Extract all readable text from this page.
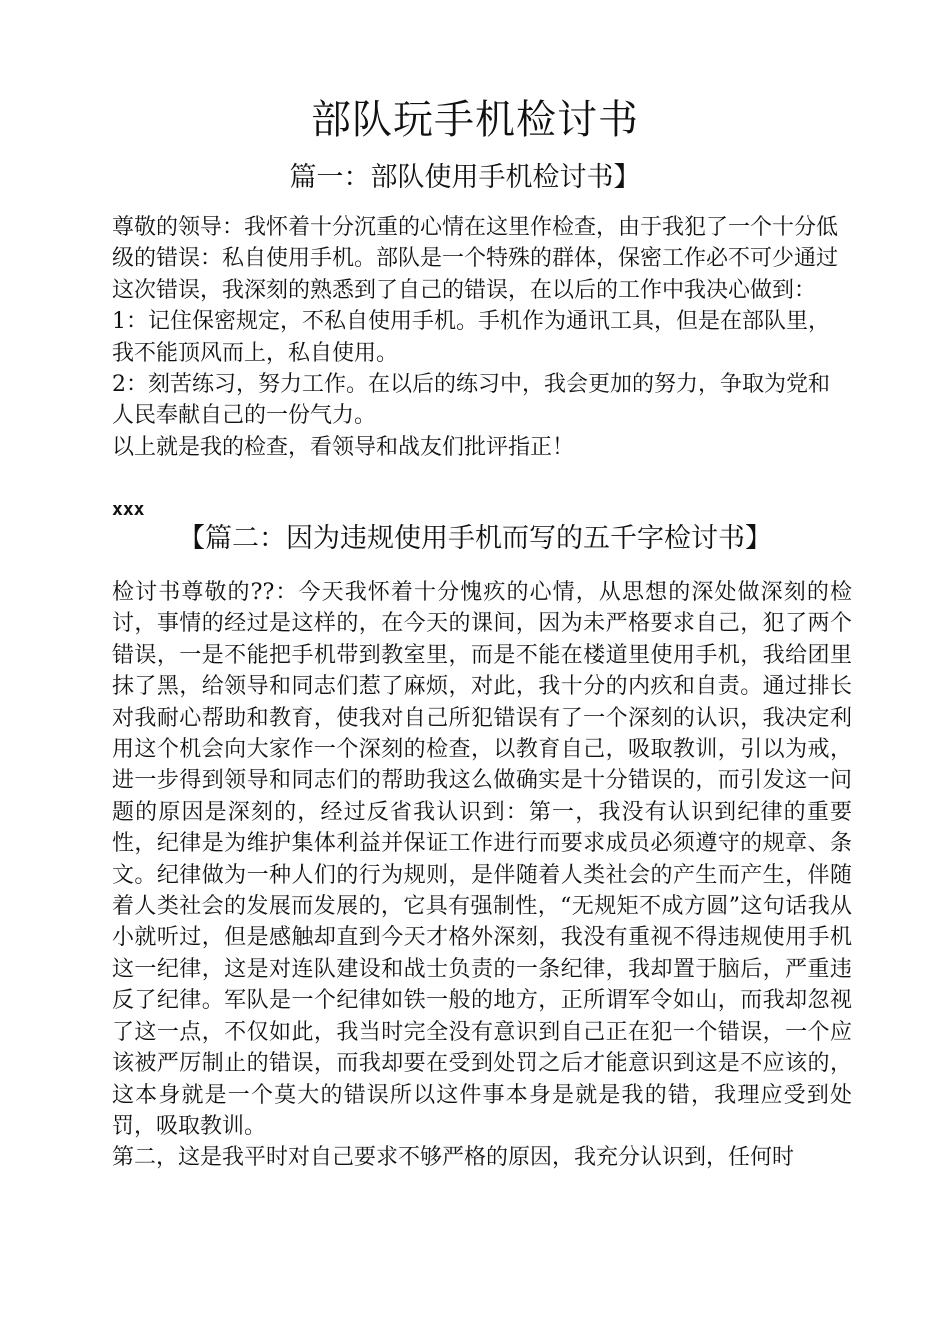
部队玩手机检讨书
篇一：部队使用手机检讨书】

尊敬的领导：我怀着十分沉重的心情在这里作检查，由于我犯了一个十分低级的错误：私自使用手机。部队是一个特殊的群体，保密工作必不可少通过这次错误，我深刻的熟悉到了自己的错误，在以后的工作中我决心做到：

1：记住保密规定，不私自使用手机。手机作为通讯工具，但是在部队里，我不能顶风而上，私自使用。

2：刻苦练习，努力工作。在以后的练习中，我会更加的努力，争取为党和人民奉献自己的一份气力。

以上就是我的检查，看领导和战友们批评指正！

xxx
【篇二：因为违规使用手机而写的五千字检讨书】

检讨书尊敬的??：今天我怀着十分愧疚的心情，从思想的深处做深刻的检讨，事情的经过是这样的，在今天的课间，因为未严格要求自己，犯了两个错误，一是不能把手机带到教室里，而是不能在楼道里使用手机，我给团里抹了黑，给领导和同志们惹了麻烦，对此，我十分的内疚和自责。通过排长对我耐心帮助和教育，使我对自己所犯错误有了一个深刻的认识，我决定利用这个机会向大家作一个深刻的检查，以教育自己，吸取教训，引以为戒，进一步得到领导和同志们的帮助我这么做确实是十分错误的，而引发这一问题的原因是深刻的，经过反省我认识到：第一，我没有认识到纪律的重要性，纪律是为维护集体利益并保证工作进行而要求成员必须遵守的规章、条文。纪律做为一种人们的行为规则，是伴随着人类社会的产生而产生，伴随着人类社会的发展而发展的，它具有强制性，“无规矩不成方圆”这句话我从小就听过，但是感触却直到今天才格外深刻，我没有重视不得违规使用手机这一纪律，这是对连队建设和战士负责的一条纪律，我却置于脑后，严重违反了纪律。军队是一个纪律如铁一般的地方，正所谓军令如山，而我却忽视了这一点，不仅如此，我当时完全没有意识到自己正在犯一个错误，一个应该被严厉制止的错误，而我却要在受到处罚之后才能意识到这是不应该的，这本身就是一个莫大的错误所以这件事本身是就是我的错，我理应受到处罚，吸取教训。

第二，这是我平时对自己要求不够严格的原因，我充分认识到，任何时
